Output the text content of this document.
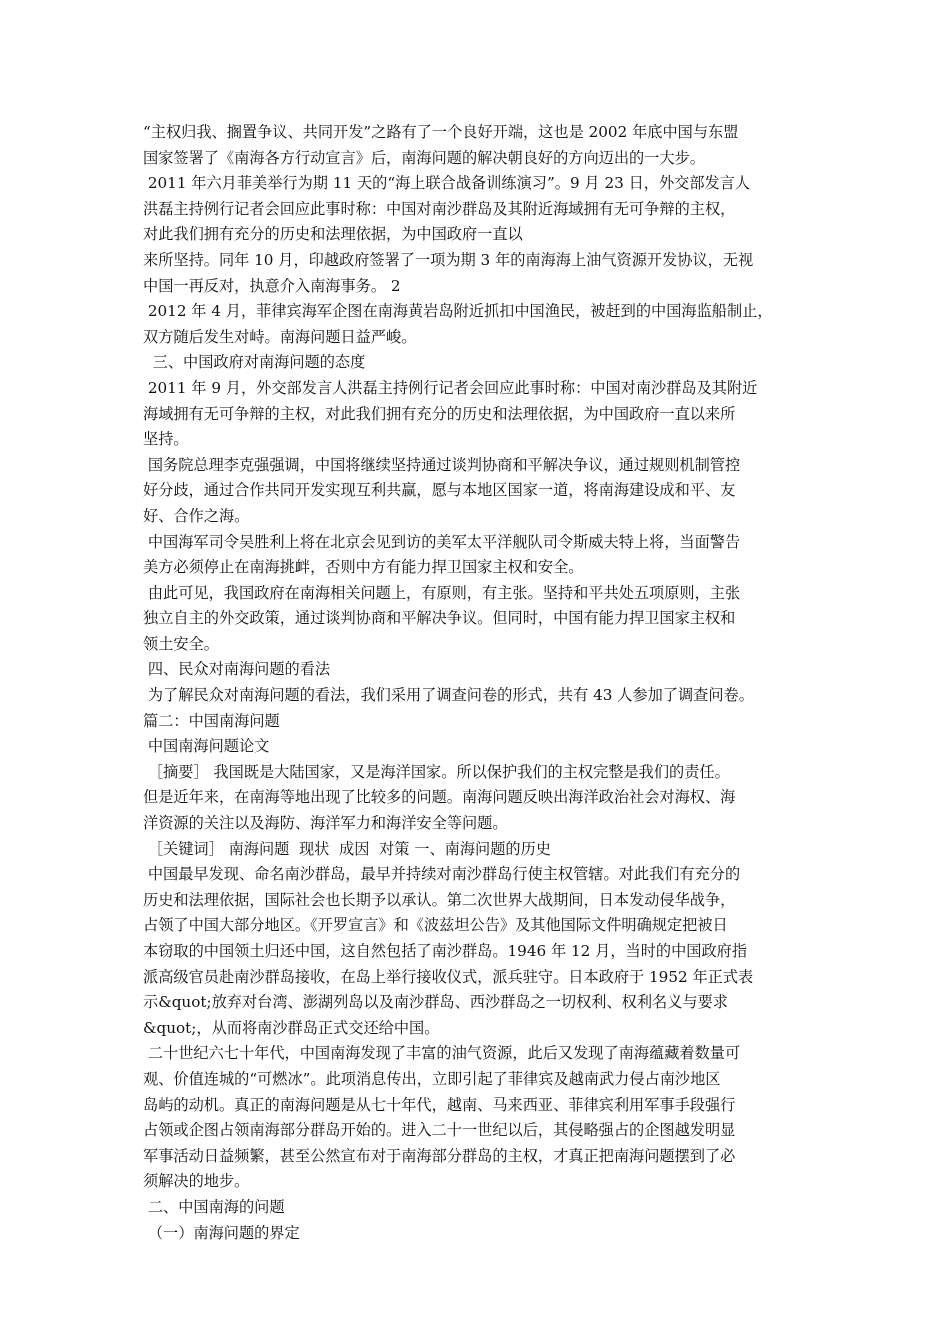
“主权归我、搁置争议、共同开发”之路有了一个良好开端，这也是 2002 年底中国与东盟
国家签署了《南海各方行动宣言》后，南海问题的解决朝良好的方向迈出的一大步。
2011 年六月菲美举行为期 11 天的“海上联合战备训练演习”。9 月 23 日，外交部发言人
洪磊主持例行记者会回应此事时称：中国对南沙群岛及其附近海域拥有无可争辩的主权，
对此我们拥有充分的历史和法理依据，为中国政府一直以
来所坚持。同年 10 月，印越政府签署了一项为期 3 年的南海海上油气资源开发协议，无视
中国一再反对，执意介入南海事务。 2
2012 年 4 月，菲律宾海军企图在南海黄岩岛附近抓扣中国渔民，被赶到的中国海监船制止，
双方随后发生对峙。南海问题日益严峻。
三、中国政府对南海问题的态度
2011 年 9 月，外交部发言人洪磊主持例行记者会回应此事时称：中国对南沙群岛及其附近
海域拥有无可争辩的主权，对此我们拥有充分的历史和法理依据，为中国政府一直以来所
坚持。
国务院总理李克强强调，中国将继续坚持通过谈判协商和平解决争议，通过规则机制管控
好分歧，通过合作共同开发实现互利共赢，愿与本地区国家一道，将南海建设成和平、友
好、合作之海。
中国海军司令吴胜利上将在北京会见到访的美军太平洋舰队司令斯威夫特上将，当面警告
美方必须停止在南海挑衅，否则中方有能力捍卫国家主权和安全。
由此可见，我国政府在南海相关问题上，有原则，有主张。坚持和平共处五项原则，主张
独立自主的外交政策，通过谈判协商和平解决争议。但同时，中国有能力捍卫国家主权和
领土安全。
四、民众对南海问题的看法
为了解民众对南海问题的看法，我们采用了调查问卷的形式，共有 43 人参加了调查问卷。
篇二：中国南海问题
中国南海问题论文
［摘要］ 我国既是大陆国家，又是海洋国家。所以保护我们的主权完整是我们的责任。
但是近年来，在南海等地出现了比较多的问题。南海问题反映出海洋政治社会对海权、海
洋资源的关注以及海防、海洋军力和海洋安全等问题。
［关键词］ 南海问题  现状  成因  对策 一、南海问题的历史
中国最早发现、命名南沙群岛，最早并持续对南沙群岛行使主权管辖。对此我们有充分的
历史和法理依据，国际社会也长期予以承认。第二次世界大战期间，日本发动侵华战争，
占领了中国大部分地区。《开罗宣言》和《波兹坦公告》及其他国际文件明确规定把被日
本窃取的中国领土归还中国，这自然包括了南沙群岛。1946 年 12 月，当时的中国政府指
派高级官员赴南沙群岛接收，在岛上举行接收仪式，派兵驻守。日本政府于 1952 年正式表
示&quot;放弃对台湾、澎湖列岛以及南沙群岛、西沙群岛之一切权利、权利名义与要求
&quot;，从而将南沙群岛正式交还给中国。
二十世纪六七十年代，中国南海发现了丰富的油气资源，此后又发现了南海蕴藏着数量可
观、价值连城的“可燃冰”。此项消息传出，立即引起了菲律宾及越南武力侵占南沙地区
岛屿的动机。真正的南海问题是从七十年代，越南、马来西亚、菲律宾利用军事手段强行
占领或企图占领南海部分群岛开始的。进入二十一世纪以后，其侵略强占的企图越发明显
军事活动日益频繁，甚至公然宣布对于南海部分群岛的主权，才真正把南海问题摆到了必
须解决的地步。
二、中国南海的问题
（一）南海问题的界定
